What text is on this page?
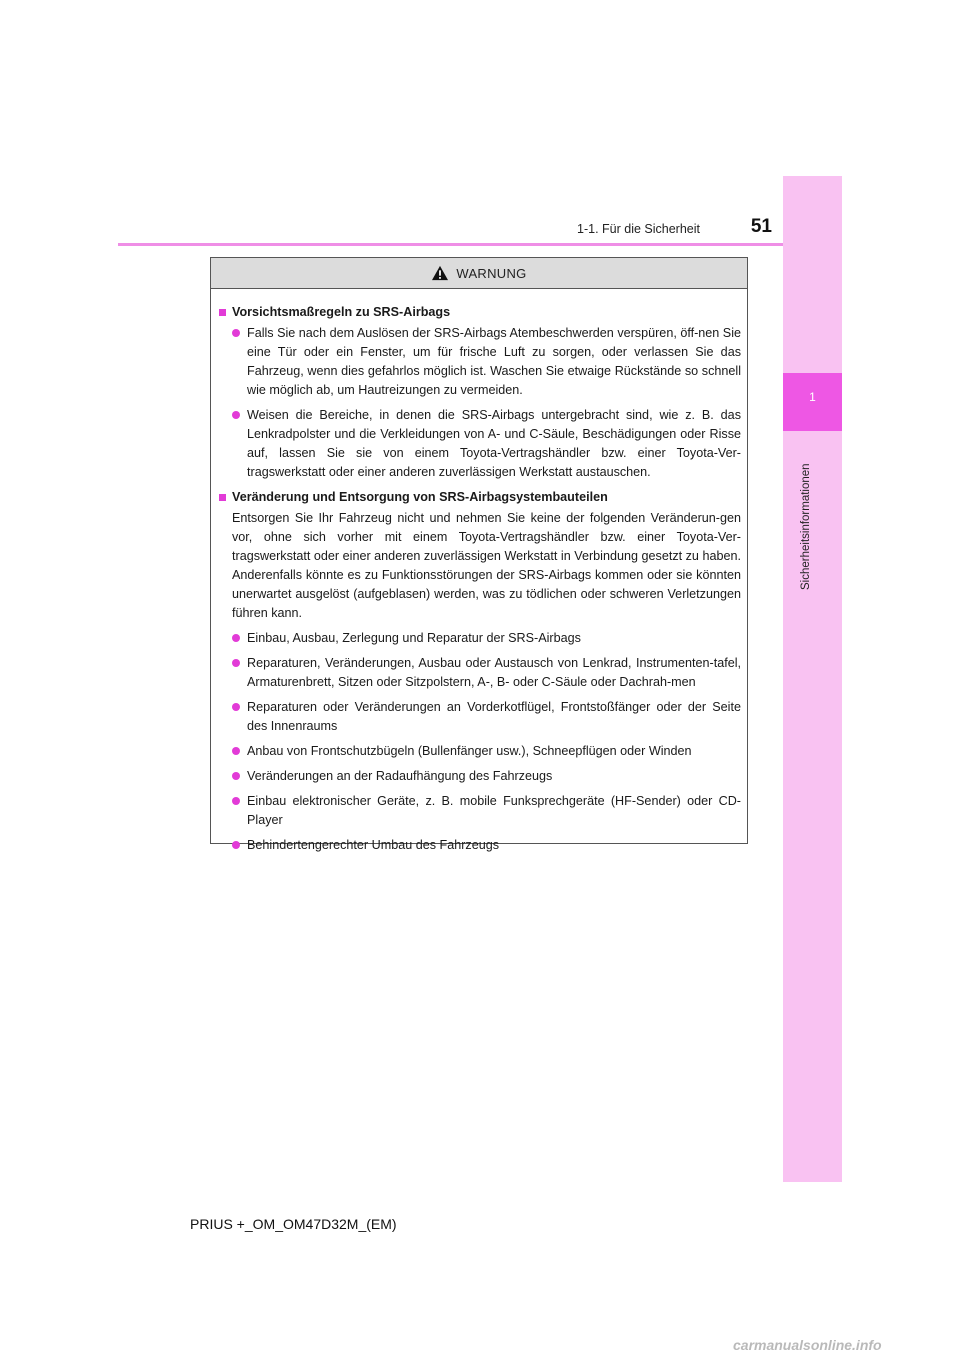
1
Sicherheitsinformationen
1-1. Für die Sicherheit	51
WARNUNG
Vorsichtsmaßregeln zu SRS-Airbags
Falls Sie nach dem Auslösen der SRS-Airbags Atembeschwerden verspüren, öff-nen Sie eine Tür oder ein Fenster, um für frische Luft zu sorgen, oder verlassen Sie das Fahrzeug, wenn dies gefahrlos möglich ist. Waschen Sie etwaige Rückstände so schnell wie möglich ab, um Hautreizungen zu vermeiden.
Weisen die Bereiche, in denen die SRS-Airbags untergebracht sind, wie z. B. das Lenkradpolster und die Verkleidungen von A- und C-Säule, Beschädigungen oder Risse auf, lassen Sie sie von einem Toyota-Vertragshändler bzw. einer Toyota-Ver-tragswerkstatt oder einer anderen zuverlässigen Werkstatt austauschen.
Veränderung und Entsorgung von SRS-Airbagsystembauteilen
Entsorgen Sie Ihr Fahrzeug nicht und nehmen Sie keine der folgenden Veränderun-gen vor, ohne sich vorher mit einem Toyota-Vertragshändler bzw. einer Toyota-Ver-tragswerkstatt oder einer anderen zuverlässigen Werkstatt in Verbindung gesetzt zu haben. Anderenfalls könnte es zu Funktionsstörungen der SRS-Airbags kommen oder sie könnten unerwartet ausgelöst (aufgeblasen) werden, was zu tödlichen oder schweren Verletzungen führen kann.
Einbau, Ausbau, Zerlegung und Reparatur der SRS-Airbags
Reparaturen, Veränderungen, Ausbau oder Austausch von Lenkrad, Instrumenten-tafel, Armaturenbrett, Sitzen oder Sitzpolstern, A-, B- oder C-Säule oder Dachrah-men
Reparaturen oder Veränderungen an Vorderkotflügel, Frontstoßfänger oder der Seite des Innenraums
Anbau von Frontschutzbügeln (Bullenfänger usw.), Schneepflügen oder Winden
Veränderungen an der Radaufhängung des Fahrzeugs
Einbau elektronischer Geräte, z. B. mobile Funksprechgeräte (HF-Sender) oder CD-Player
Behindertengerechter Umbau des Fahrzeugs
PRIUS +_OM_OM47D32M_(EM)
carmanualsonline.info
